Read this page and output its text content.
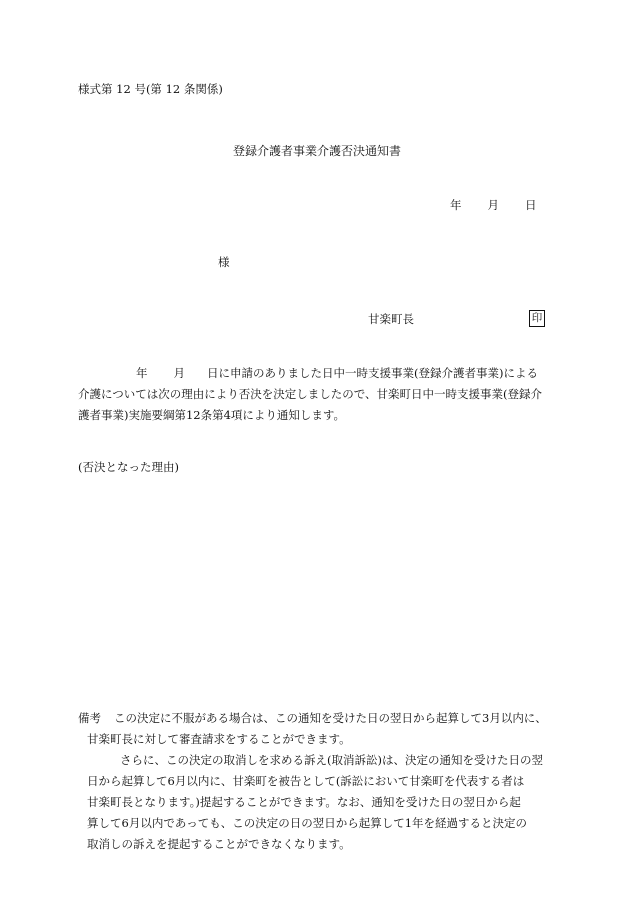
様式第 12 号(第 12 条関係)
登録介護者事業介護否決通知書
年 月 日
様
甘楽町長	印
年 月 日に申請のありました日中一時支援事業(登録介護者事業)による
介護については次の理由により否決を決定しましたので、甘楽町日中一時支援事業(登録介
護者事業)実施要綱第12条第4項により通知します。
(否決となった理由)
備考 この決定に不服がある場合は、この通知を受けた日の翌日から起算して3月以内に、
甘楽町長に対して審査請求をすることができます。
さらに、この決定の取消しを求める訴え(取消訴訟)は、決定の通知を受けた日の翌
日から起算して6月以内に、甘楽町を被告として(訴訟において甘楽町を代表する者は
甘楽町長となります。)提起することができます。なお、通知を受けた日の翌日から起
算して6月以内であっても、この決定の日の翌日から起算して1年を経過すると決定の
取消しの訴えを提起することができなくなります。
